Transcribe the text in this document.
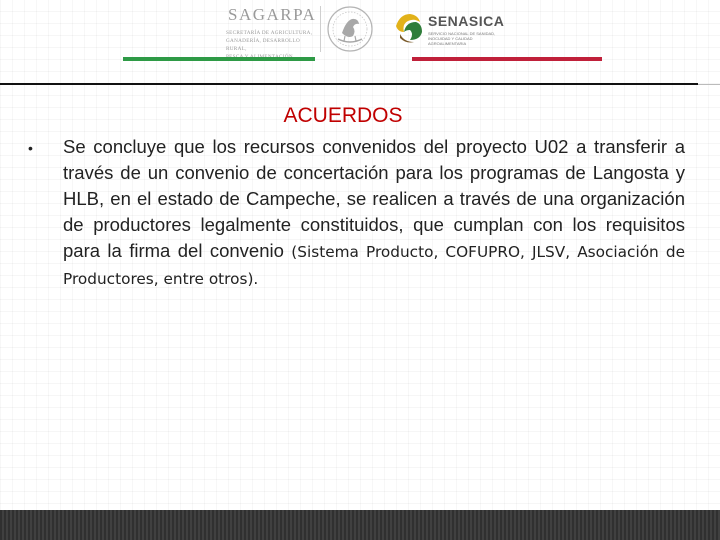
SAGARPA
SECRETARÍA DE AGRICULTURA,
GANADERÍA, DESARROLLO RURAL,
SENASICA
SERVICIO NACIONAL DE SANIDAD,
INOCUIDAD Y CALIDAD
AGROALIMENTARIA
ACUERDOS
• Se concluye que los recursos convenidos del proyecto U02 a transferir a través de un convenio de concertación para los programas de Langosta y HLB, en el estado de Campeche, se realicen a través de una organización de productores legalmente constituidos, que cumplan con los requisitos para la firma del convenio (Sistema Producto, COFUPRO, JLSV, Asociación de Productores, entre otros).
